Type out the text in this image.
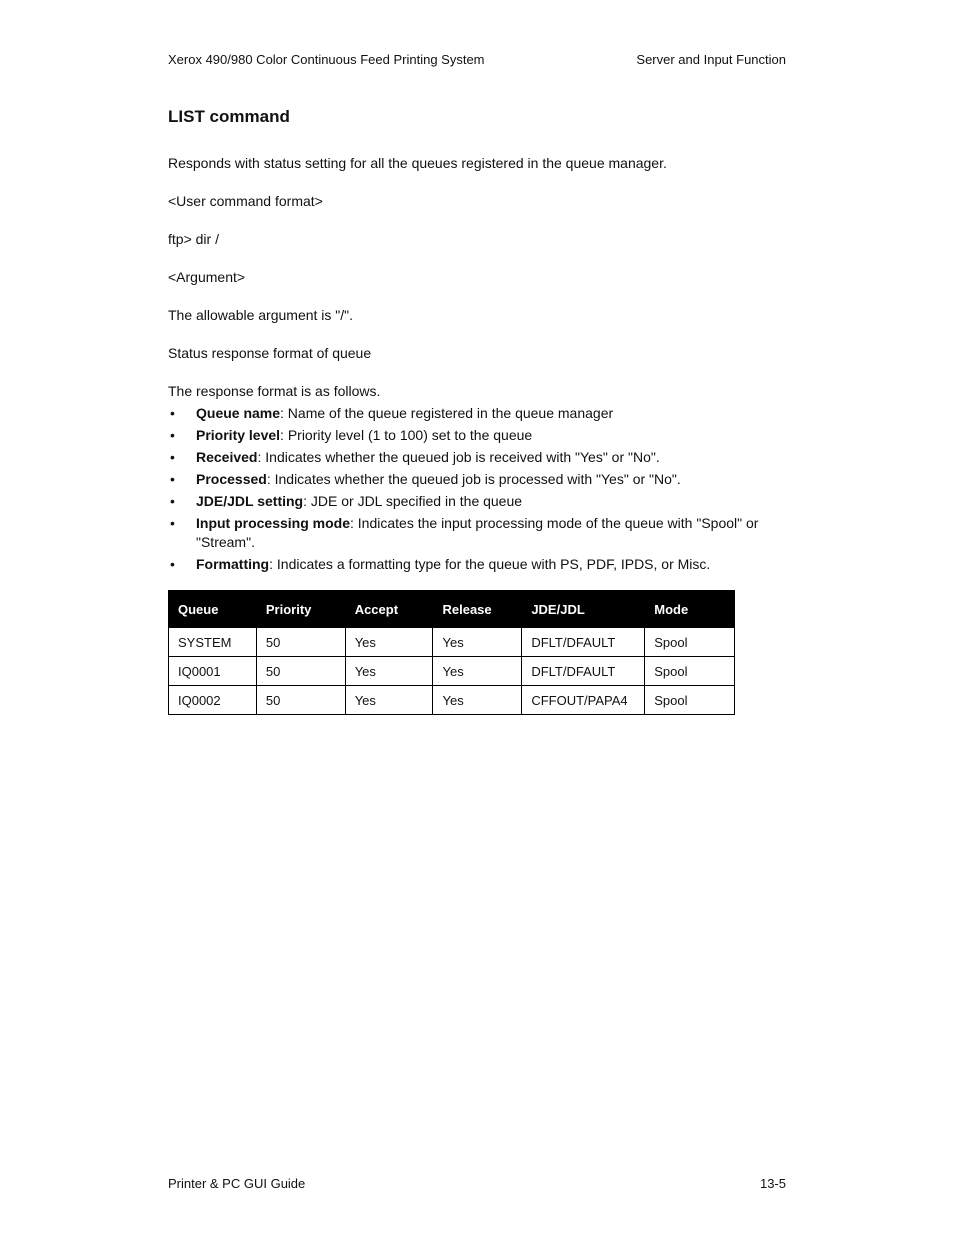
Xerox 490/980 Color Continuous Feed Printing System	Server and Input Function
LIST command

Responds with status setting for all the queues registered in the queue manager.

<User command format>

ftp> dir /

<Argument>

The allowable argument is "/".

Status response format of queue

The response format is as follows.

• Queue name: Name of the queue registered in the queue manager
• Priority level: Priority level (1 to 100) set to the queue
• Received: Indicates whether the queued job is received with "Yes" or "No".
• Processed: Indicates whether the queued job is processed with "Yes" or "No".
• JDE/JDL setting: JDE or JDL specified in the queue
• Input processing mode: Indicates the input processing mode of the queue with "Spool" or "Stream".
• Formatting: Indicates a formatting type for the queue with PS, PDF, IPDS, or Misc.
Queue	Priority	Accept	Release	JDE/JDL	Mode
SYSTEM	50	Yes	Yes	DFLT/DFAULT	Spool
IQ0001	50	Yes	Yes	DFLT/DFAULT	Spool
IQ0002	50	Yes	Yes	CFFOUT/PAPA4	Spool
Printer & PC GUI Guide	13-5
